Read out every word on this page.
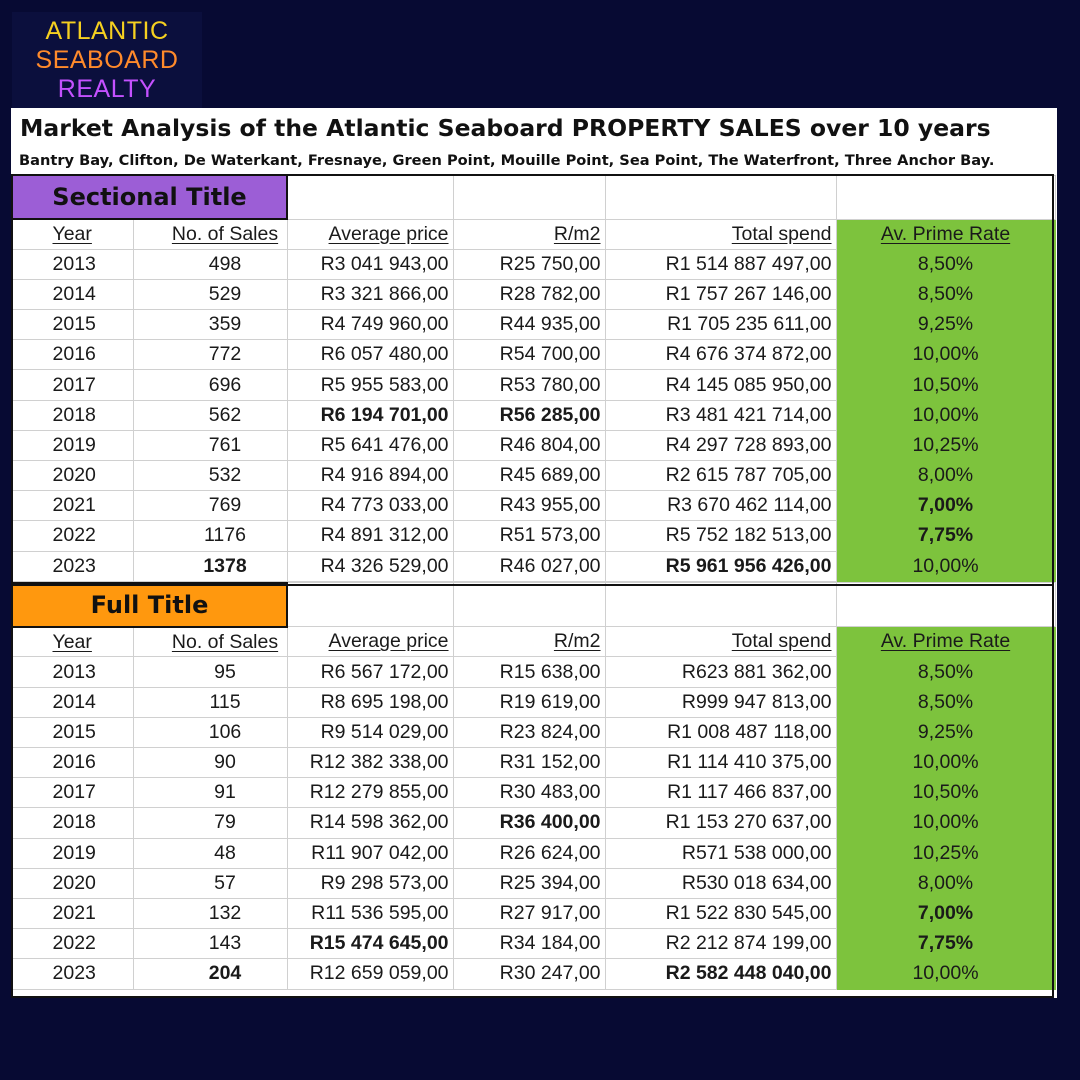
ATLANTIC
SEABOARD
REALTY
Market Analysis of the Atlantic Seaboard PROPERTY SALES over 10 years
Bantry Bay, Clifton, De Waterkant, Fresnaye, Green Point, Mouille Point, Sea Point, The Waterfront, Three Anchor Bay.
Sectional Title					
Year	No. of Sales	Average price	R/m2	Total spend	Av. Prime Rate
2013	498	R3 041 943,00	R25 750,00	R1 514 887 497,00	8,50%
2014	529	R3 321 866,00	R28 782,00	R1 757 267 146,00	8,50%
2015	359	R4 749 960,00	R44 935,00	R1 705 235 611,00	9,25%
2016	772	R6 057 480,00	R54 700,00	R4 676 374 872,00	10,00%
2017	696	R5 955 583,00	R53 780,00	R4 145 085 950,00	10,50%
2018	562	R6 194 701,00	R56 285,00	R3 481 421 714,00	10,00%
2019	761	R5 641 476,00	R46 804,00	R4 297 728 893,00	10,25%
2020	532	R4 916 894,00	R45 689,00	R2 615 787 705,00	8,00%
2021	769	R4 773 033,00	R43 955,00	R3 670 462 114,00	7,00%
2022	1176	R4 891 312,00	R51 573,00	R5 752 182 513,00	7,75%
2023	1378	R4 326 529,00	R46 027,00	R5 961 956 426,00	10,00%
Full Title					
Year	No. of Sales	Average price	R/m2	Total spend	Av. Prime Rate
2013	95	R6 567 172,00	R15 638,00	R623 881 362,00	8,50%
2014	115	R8 695 198,00	R19 619,00	R999 947 813,00	8,50%
2015	106	R9 514 029,00	R23 824,00	R1 008 487 118,00	9,25%
2016	90	R12 382 338,00	R31 152,00	R1 114 410 375,00	10,00%
2017	91	R12 279 855,00	R30 483,00	R1 117 466 837,00	10,50%
2018	79	R14 598 362,00	R36 400,00	R1 153 270 637,00	10,00%
2019	48	R11 907 042,00	R26 624,00	R571 538 000,00	10,25%
2020	57	R9 298 573,00	R25 394,00	R530 018 634,00	8,00%
2021	132	R11 536 595,00	R27 917,00	R1 522 830 545,00	7,00%
2022	143	R15 474 645,00	R34 184,00	R2 212 874 199,00	7,75%
2023	204	R12 659 059,00	R30 247,00	R2 582 448 040,00	10,00%
